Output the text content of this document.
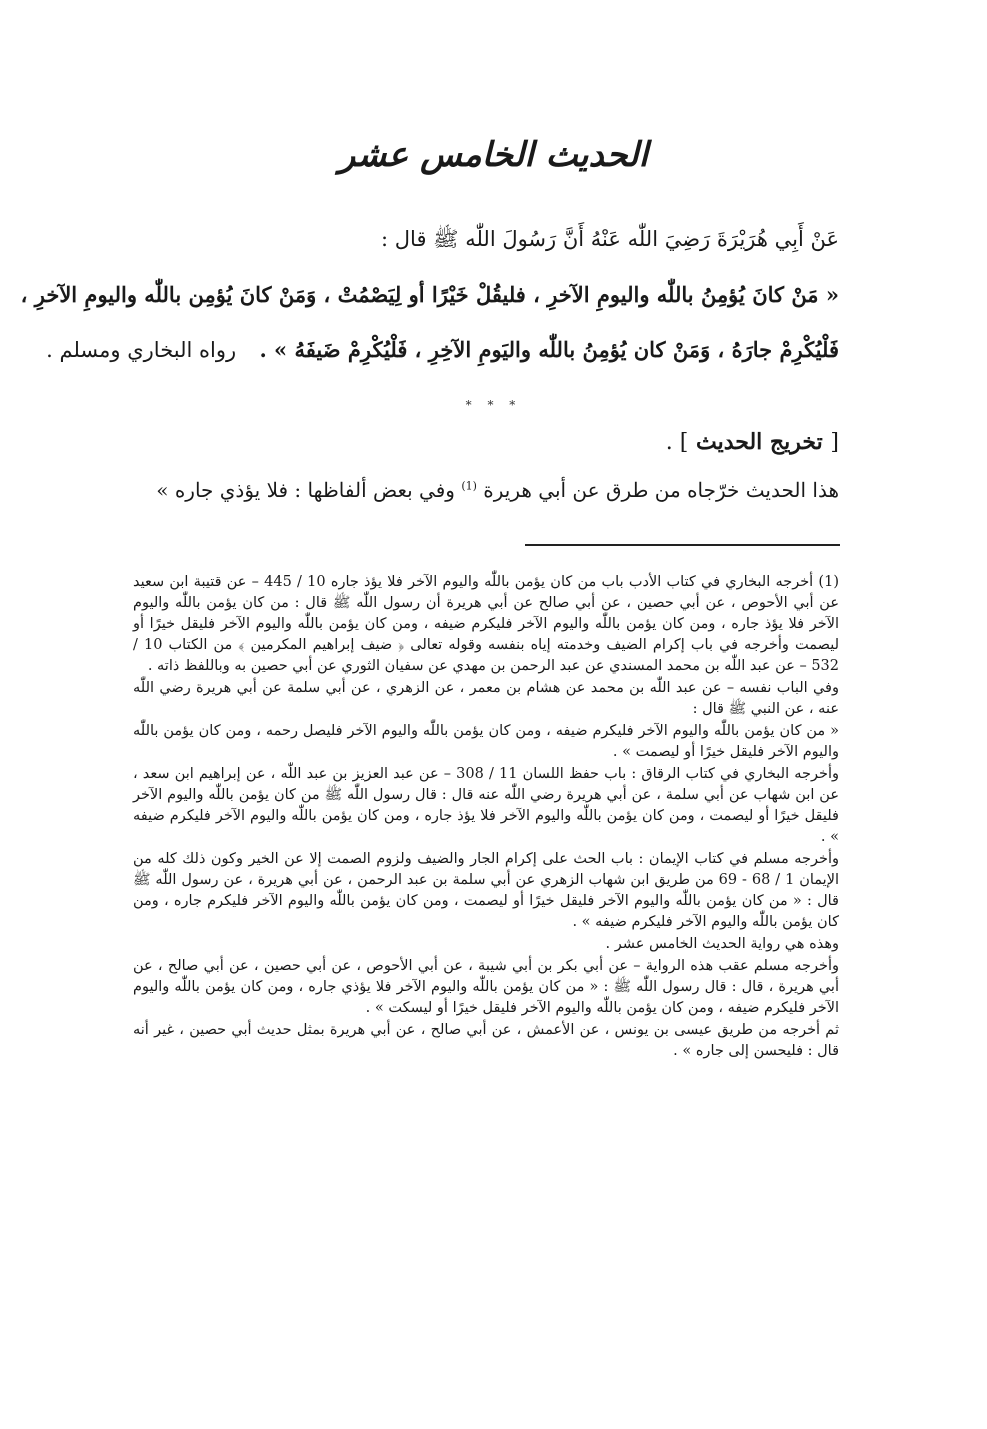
الحديث الخامس عشر
عَنْ أَبِي هُرَيْرَةَ رَضِيَ اللّٰه عَنْهُ أَنَّ رَسُولَ اللّٰه ﷺ قال :
« مَنْ كانَ يُؤمِنُ باللّٰه واليومِ الآخرِ ، فليقُلْ خَيْرًا أو لِيَصْمُتْ ، وَمَنْ كانَ يُؤمِن باللّٰه واليومِ الآخرِ ،
فَلْيُكْرِمْ جارَهُ ، وَمَنْ كان يُؤمِنُ باللّٰه واليَومِ الآخِرِ ، فَلْيُكْرِمْ ضَيفَهُ » . رواه البخاري ومسلم .
* * *
[ تخريج الحديث ] .
هذا الحديث خرّجاه من طرق عن أبي هريرة $^{(1)}$ وفي بعض ألفاظها : فلا يؤذي جاره »

(1) أخرجه البخاري في كتاب الأدب باب من كان يؤمن باللّٰه واليوم الآخر فلا يؤذ جاره 10 / 445 – عن قتيبة ابن سعيد عن أبي الأحوص ، عن أبي حصين ، عن أبي صالح عن أبي هريرة أن رسول اللّٰه ﷺ قال : من كان يؤمن باللّٰه واليوم الآخر فلا يؤذ جاره ، ومن كان يؤمن باللّٰه واليوم الآخر فليكرم ضيفه ، ومن كان يؤمن باللّٰه واليوم الآخر فليقل خيرًا أو ليصمت وأخرجه في باب إكرام الضيف وخدمته إياه بنفسه وقوله تعالى ﴿ ضيف إبراهيم المكرمين ﴾ من الكتاب 10 / 532 – عن عبد اللّٰه بن محمد المسندي عن عبد الرحمن بن مهدي عن سفيان الثوري عن أبي حصين به وباللفظ ذاته .

وفي الباب نفسه – عن عبد اللّٰه بن محمد عن هشام بن معمر ، عن الزهري ، عن أبي سلمة عن أبي هريرة رضي اللّٰه عنه ، عن النبي ﷺ قال :

« من كان يؤمن باللّٰه واليوم الآخر فليكرم ضيفه ، ومن كان يؤمن باللّٰه واليوم الآخر فليصل رحمه ، ومن كان يؤمن باللّٰه واليوم الآخر فليقل خيرًا أو ليصمت » .

وأخرجه البخاري في كتاب الرقاق : باب حفظ اللسان 11 / 308 – عن عبد العزيز بن عبد اللّٰه ، عن إبراهيم ابن سعد ، عن ابن شهاب عن أبي سلمة ، عن أبي هريرة رضي اللّٰه عنه قال : قال رسول اللّٰه ﷺ من كان يؤمن باللّٰه واليوم الآخر فليقل خيرًا أو ليصمت ، ومن كان يؤمن باللّٰه واليوم الآخر فلا يؤذ جاره ، ومن كان يؤمن باللّٰه واليوم الآخر فليكرم ضيفه » .

وأخرجه مسلم في كتاب الإيمان : باب الحث على إكرام الجار والضيف ولزوم الصمت إلا عن الخير وكون ذلك كله من الإيمان 1 / 68 - 69 من طريق ابن شهاب الزهري عن أبي سلمة بن عبد الرحمن ، عن أبي هريرة ، عن رسول اللّٰه ﷺ قال : « من كان يؤمن باللّٰه واليوم الآخر فليقل خيرًا أو ليصمت ، ومن كان يؤمن باللّٰه واليوم الآخر فليكرم جاره ، ومن كان يؤمن باللّٰه واليوم الآخر فليكرم ضيفه » .

وهذه هي رواية الحديث الخامس عشر .

وأخرجه مسلم عقب هذه الرواية – عن أبي بكر بن أبي شيبة ، عن أبي الأحوص ، عن أبي حصين ، عن أبي صالح ، عن أبي هريرة ، قال : قال رسول اللّٰه ﷺ : « من كان يؤمن باللّٰه واليوم الآخر فلا يؤذي جاره ، ومن كان يؤمن باللّٰه واليوم الآخر فليكرم ضيفه ، ومن كان يؤمن باللّٰه واليوم الآخر فليقل خيرًا أو ليسكت » .

ثم أخرجه من طريق عيسى بن يونس ، عن الأعمش ، عن أبي صالح ، عن أبي هريرة بمثل حديث أبي حصين ، غير أنه قال : فليحسن إلى جاره » .
